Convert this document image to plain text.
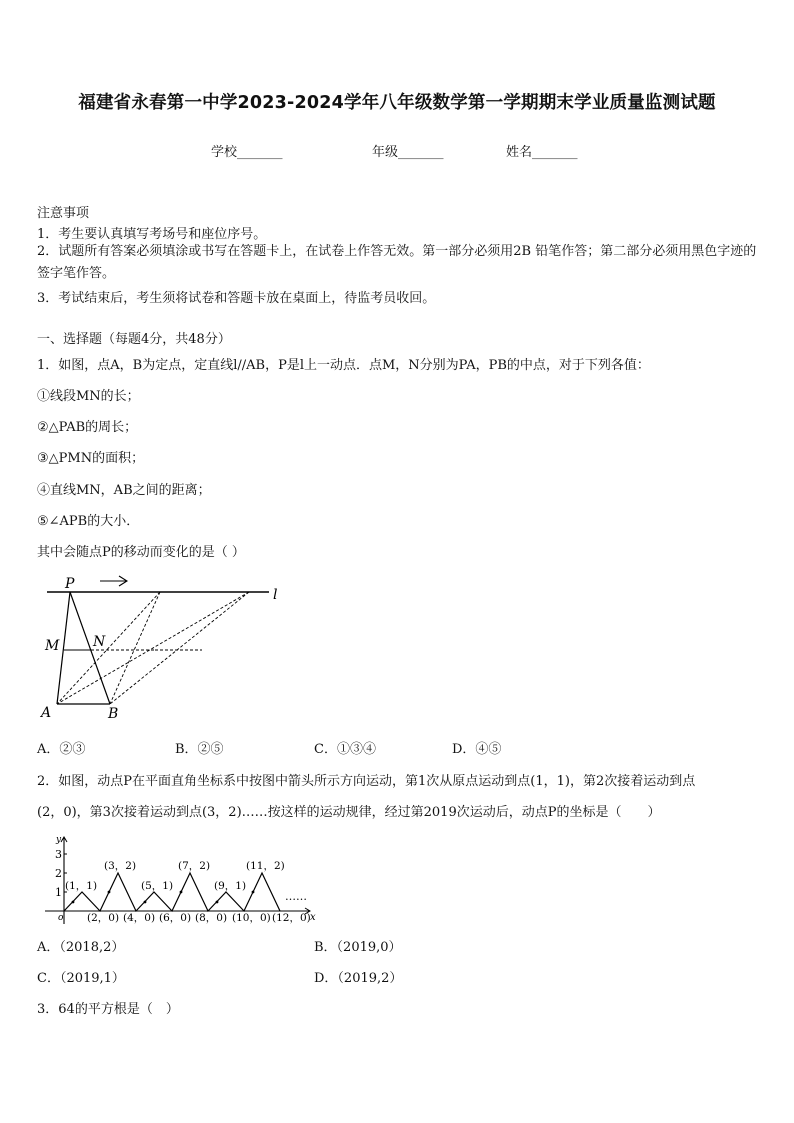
福建省永春第一中学2023-2024学年八年级数学第一学期期末学业质量监测试题
学校_______	年级_______	姓名_______
注意事项
1．考生要认真填写考场号和座位序号。
2．试题所有答案必须填涂或书写在答题卡上，在试卷上作答无效。第一部分必须用2B 铅笔作答；第二部分必须用黑色字迹的签字笔作答。
3．考试结束后，考生须将试卷和答题卡放在桌面上，待监考员收回。
一、选择题（每题4分，共48分）
1．如图，点A，B为定点，定直线l//AB，P是l上一动点．点M，N分别为PA，PB的中点，对于下列各值：
①线段MN的长；
②△PAB的周长；
③△PMN的面积；
④直线MN，AB之间的距离；
⑤∠APB的大小．
其中会随点P的移动而变化的是（ ）
P
l
M N
A	B
A．②③	B．②⑤	C．①③④	D．④⑤
2．如图，动点P在平面直角坐标系中按图中箭头所示方向运动，第1次从原点运动到点(1，1)，第2次接着运动到点
(2，0)，第3次接着运动到点(3，2)……按这样的运动规律，经过第2019次运动后，动点P的坐标是（　　）
y
x
o
1
2
3
(1，1)
(3，2)
(5，1)
(7，2)
(9，1)
(11，2)
(2，0) (4，0) (6，0) (8，0) (10，0) (12，0)
……
A．（2018,2）	B．（2019,0）
C．（2019,1）	D．（2019,2）
3．64的平方根是（　）
